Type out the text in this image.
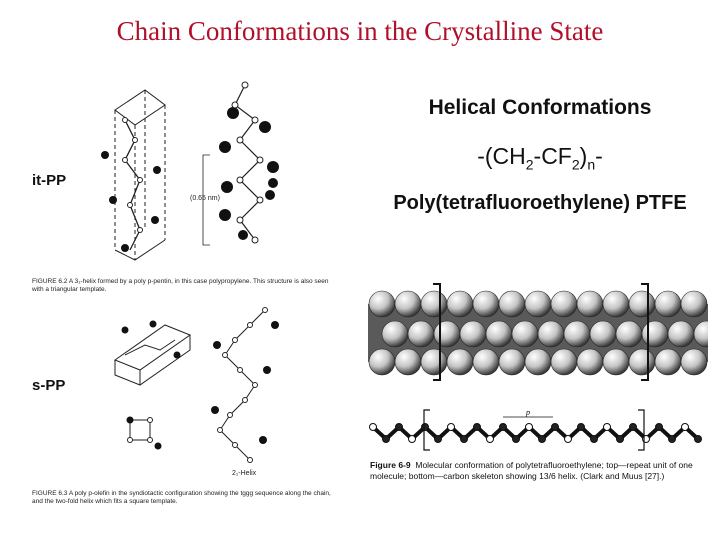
Chain Conformations in the Crystalline State
it-PP
(0.65 nm)
FIGURE 6.2 A 3₁-helix formed by a poly p-pentin, in this case polypropylene. This structure is also seen with a triangular template.
s-PP
2₁-Helix
FIGURE 6.3 A poly p-olefin in the syndiotactic configuration showing the tggg sequence along the chain, and the two-fold helix which fits a square template.
Helical Conformations
$-(CH_2-CF_2)_n-$
Poly(tetrafluoroethylene) PTFE
p
Figure 6-9 Molecular conformation of polytetrafluoroethylene; top—repeat unit of one molecule; bottom—carbon skeleton showing 13/6 helix. (Clark and Muus [27].)
